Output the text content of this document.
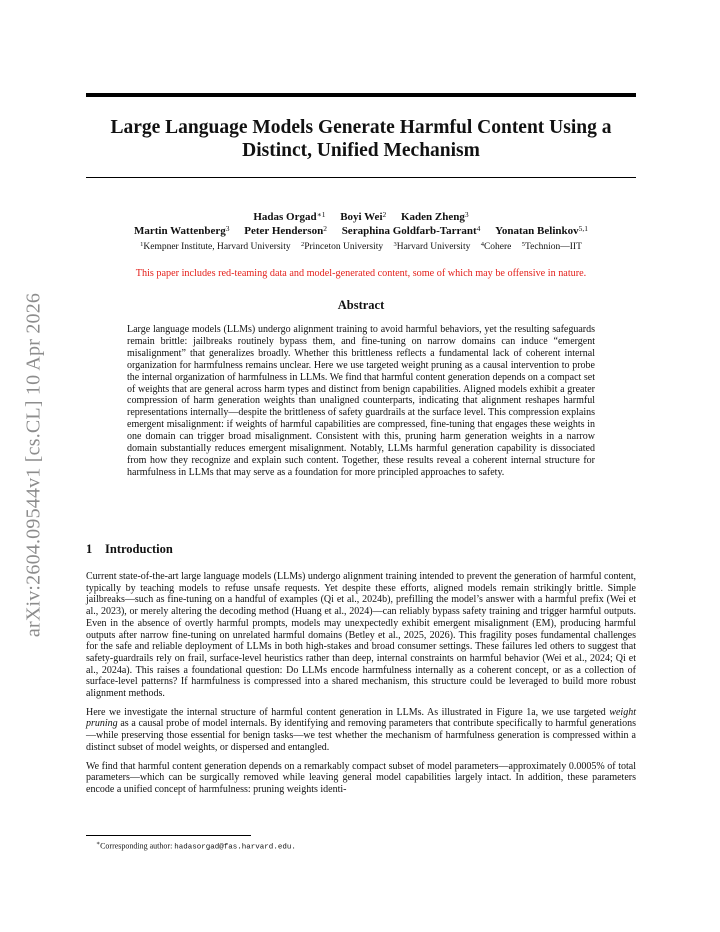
arXiv:2604.09544v1 [cs.CL] 10 Apr 2026
Large Language Models Generate Harmful Content Using a
Distinct, Unified Mechanism
Hadas Orgad$^{∗1}$ Boyi Wei$^2$ Kaden Zheng$^3$
Martin Wattenberg$^3$ Peter Henderson$^2$ Seraphina Goldfarb-Tarrant$^4$ Yonatan Belinkov$^{5,1}$
$^1$Kempner Institute, Harvard University $^2$Princeton University $^3$Harvard University $^4$Cohere $^5$Technion—IIT
This paper includes red-teaming data and model-generated content, some of which may be offensive in nature.
Abstract

Large language models (LLMs) undergo alignment training to avoid harmful behaviors, yet the resulting safeguards remain brittle: jailbreaks routinely bypass them, and fine-tuning on narrow domains can induce “emergent misalignment” that generalizes broadly. Whether this brittleness reflects a fundamental lack of coherent internal organization for harmfulness remains unclear. Here we use targeted weight pruning as a causal intervention to probe the internal organization of harmfulness in LLMs. We find that harmful content generation depends on a compact set of weights that are general across harm types and distinct from benign capabilities. Aligned models exhibit a greater compression of harm generation weights than unaligned counterparts, indicating that alignment reshapes harmful representations internally—despite the brittleness of safety guardrails at the surface level. This compression explains emergent misalignment: if weights of harmful capabilities are compressed, fine-tuning that engages these weights in one domain can trigger broad misalignment. Consistent with this, pruning harm generation weights in a narrow domain substantially reduces emergent misalignment. Notably, LLMs harmful generation capability is dissociated from how they recognize and explain such content. Together, these results reveal a coherent internal structure for harmfulness in LLMs that may serve as a foundation for more principled approaches to safety.

1 Introduction

Current state-of-the-art large language models (LLMs) undergo alignment training intended to prevent the generation of harmful content, typically by teaching models to refuse unsafe requests. Yet despite these efforts, aligned models remain strikingly brittle. Simple jailbreaks—such as fine-tuning on a handful of examples (Qi et al., 2024b), prefilling the model’s answer with a harmful prefix (Wei et al., 2023), or merely altering the decoding method (Huang et al., 2024)—can reliably bypass safety training and trigger harmful outputs. Even in the absence of overtly harmful prompts, models may unexpectedly exhibit emergent misalignment (EM), producing harmful outputs after narrow fine-tuning on unrelated harmful domains (Betley et al., 2025, 2026). This fragility poses fundamental challenges for the safe and reliable deployment of LLMs in both high-stakes and broad consumer settings. These failures led others to suggest that safety-guardrails rely on frail, surface-level heuristics rather than deep, internal constraints on harmful behavior (Wei et al., 2024; Qi et al., 2024a). This raises a foundational question: Do LLMs encode harmfulness internally as a coherent concept, or as a collection of surface-level patterns? If harmfulness is compressed into a shared mechanism, this structure could be leveraged to build more robust alignment methods.

Here we investigate the internal structure of harmful content generation in LLMs. As illustrated in Figure 1a, we use targeted weight pruning as a causal probe of model internals. By identifying and removing parameters that contribute specifically to harmful generations—while preserving those essential for benign tasks—we test whether the mechanism of harmfulness generation is compressed within a distinct subset of model weights, or dispersed and entangled.

We find that harmful content generation depends on a remarkably compact subset of model parameters—approximately 0.0005% of total parameters—which can be surgically removed while leaving general model capabilities largely intact. In addition, these parameters encode a unified concept of harmfulness: pruning weights identi-

∗Corresponding author: hadasorgad@fas.harvard.edu.
